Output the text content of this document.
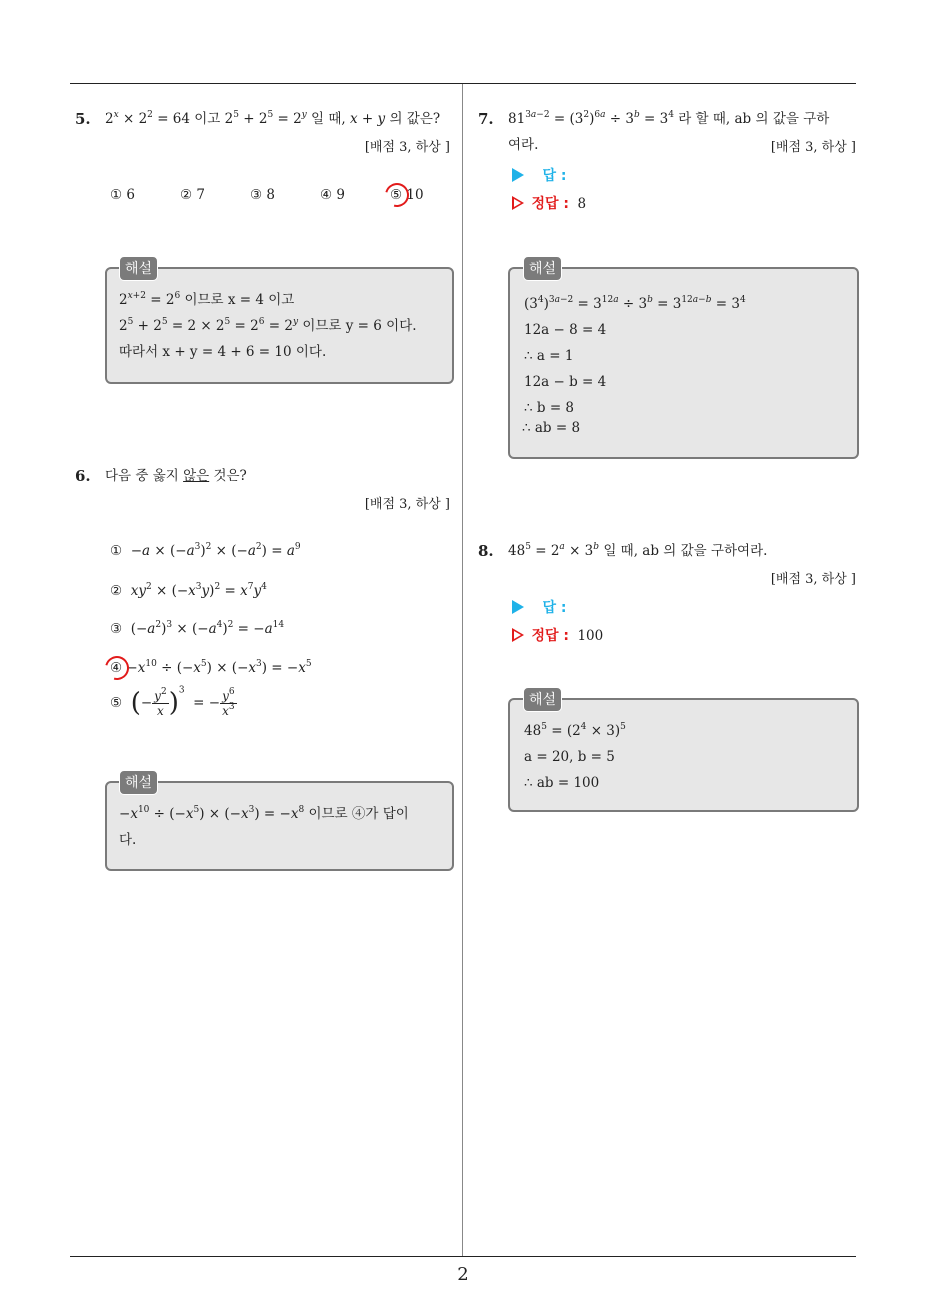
2
5. $2^x \times 2^2 = 64$ 이고 $2^5 + 2^5 = 2^y$ 일 때, x + y 의 값은?
[배점 3, 하상 ]
① 6	② 7	③ 8	④ 9	⑤ 10
$2^{x+2} = 2^6$ 이므로 x = 4 이고
$2^5 + 2^5 = 2 \times 2^5 = 2^6 = 2^y$ 이므로 y = 6 이다.
따라서 x + y = 4 + 6 = 10 이다.
해설
6. 다음 중 옳지 않은 것은?
[배점 3, 하상 ]
①  $-a \times (-a^3)^2 \times (-a^2) = a^9$
② $xy^2 \times (-x^3y)^2 = x^7y^4$
③  $(-a^2)^3 \times (-a^4)^2 = -a^{14}$
④ $-x^{10} \div (-x^5) \times (-x^3) = -x^5$
⑤ (− $\frac{y^2}{x} )^3$  = − $\frac{y^6}{x^3}$
$-x^{10} \div (-x^5) \times (-x^3) = -x^8$ 이므로 ④가 답이
다.
해설
7. $81^{3a-2} = (3^2)^{6a} \div 3^b = 3^4$ 라 할 때, ab 의 값을 구하
여라.	[배점 3, 하상 ]
답 :
정답 : 8
$(3^4)^{3a-2} = 3^{12a} \div 3^b = 3^{12a-b} = 3^4$
12a − 8 = 4
∴ a = 1
12a − b = 4
∴ b = 8
∴ ab = 8
해설
8. $48^5 = 2^a \times 3^b$ 일 때, ab 의 값을 구하여라.
[배점 3, 하상 ]
답 :
정답 : 100
$48^5 = (2^4 \times 3)^5$
a = 20, b = 5
∴ ab = 100
해설
